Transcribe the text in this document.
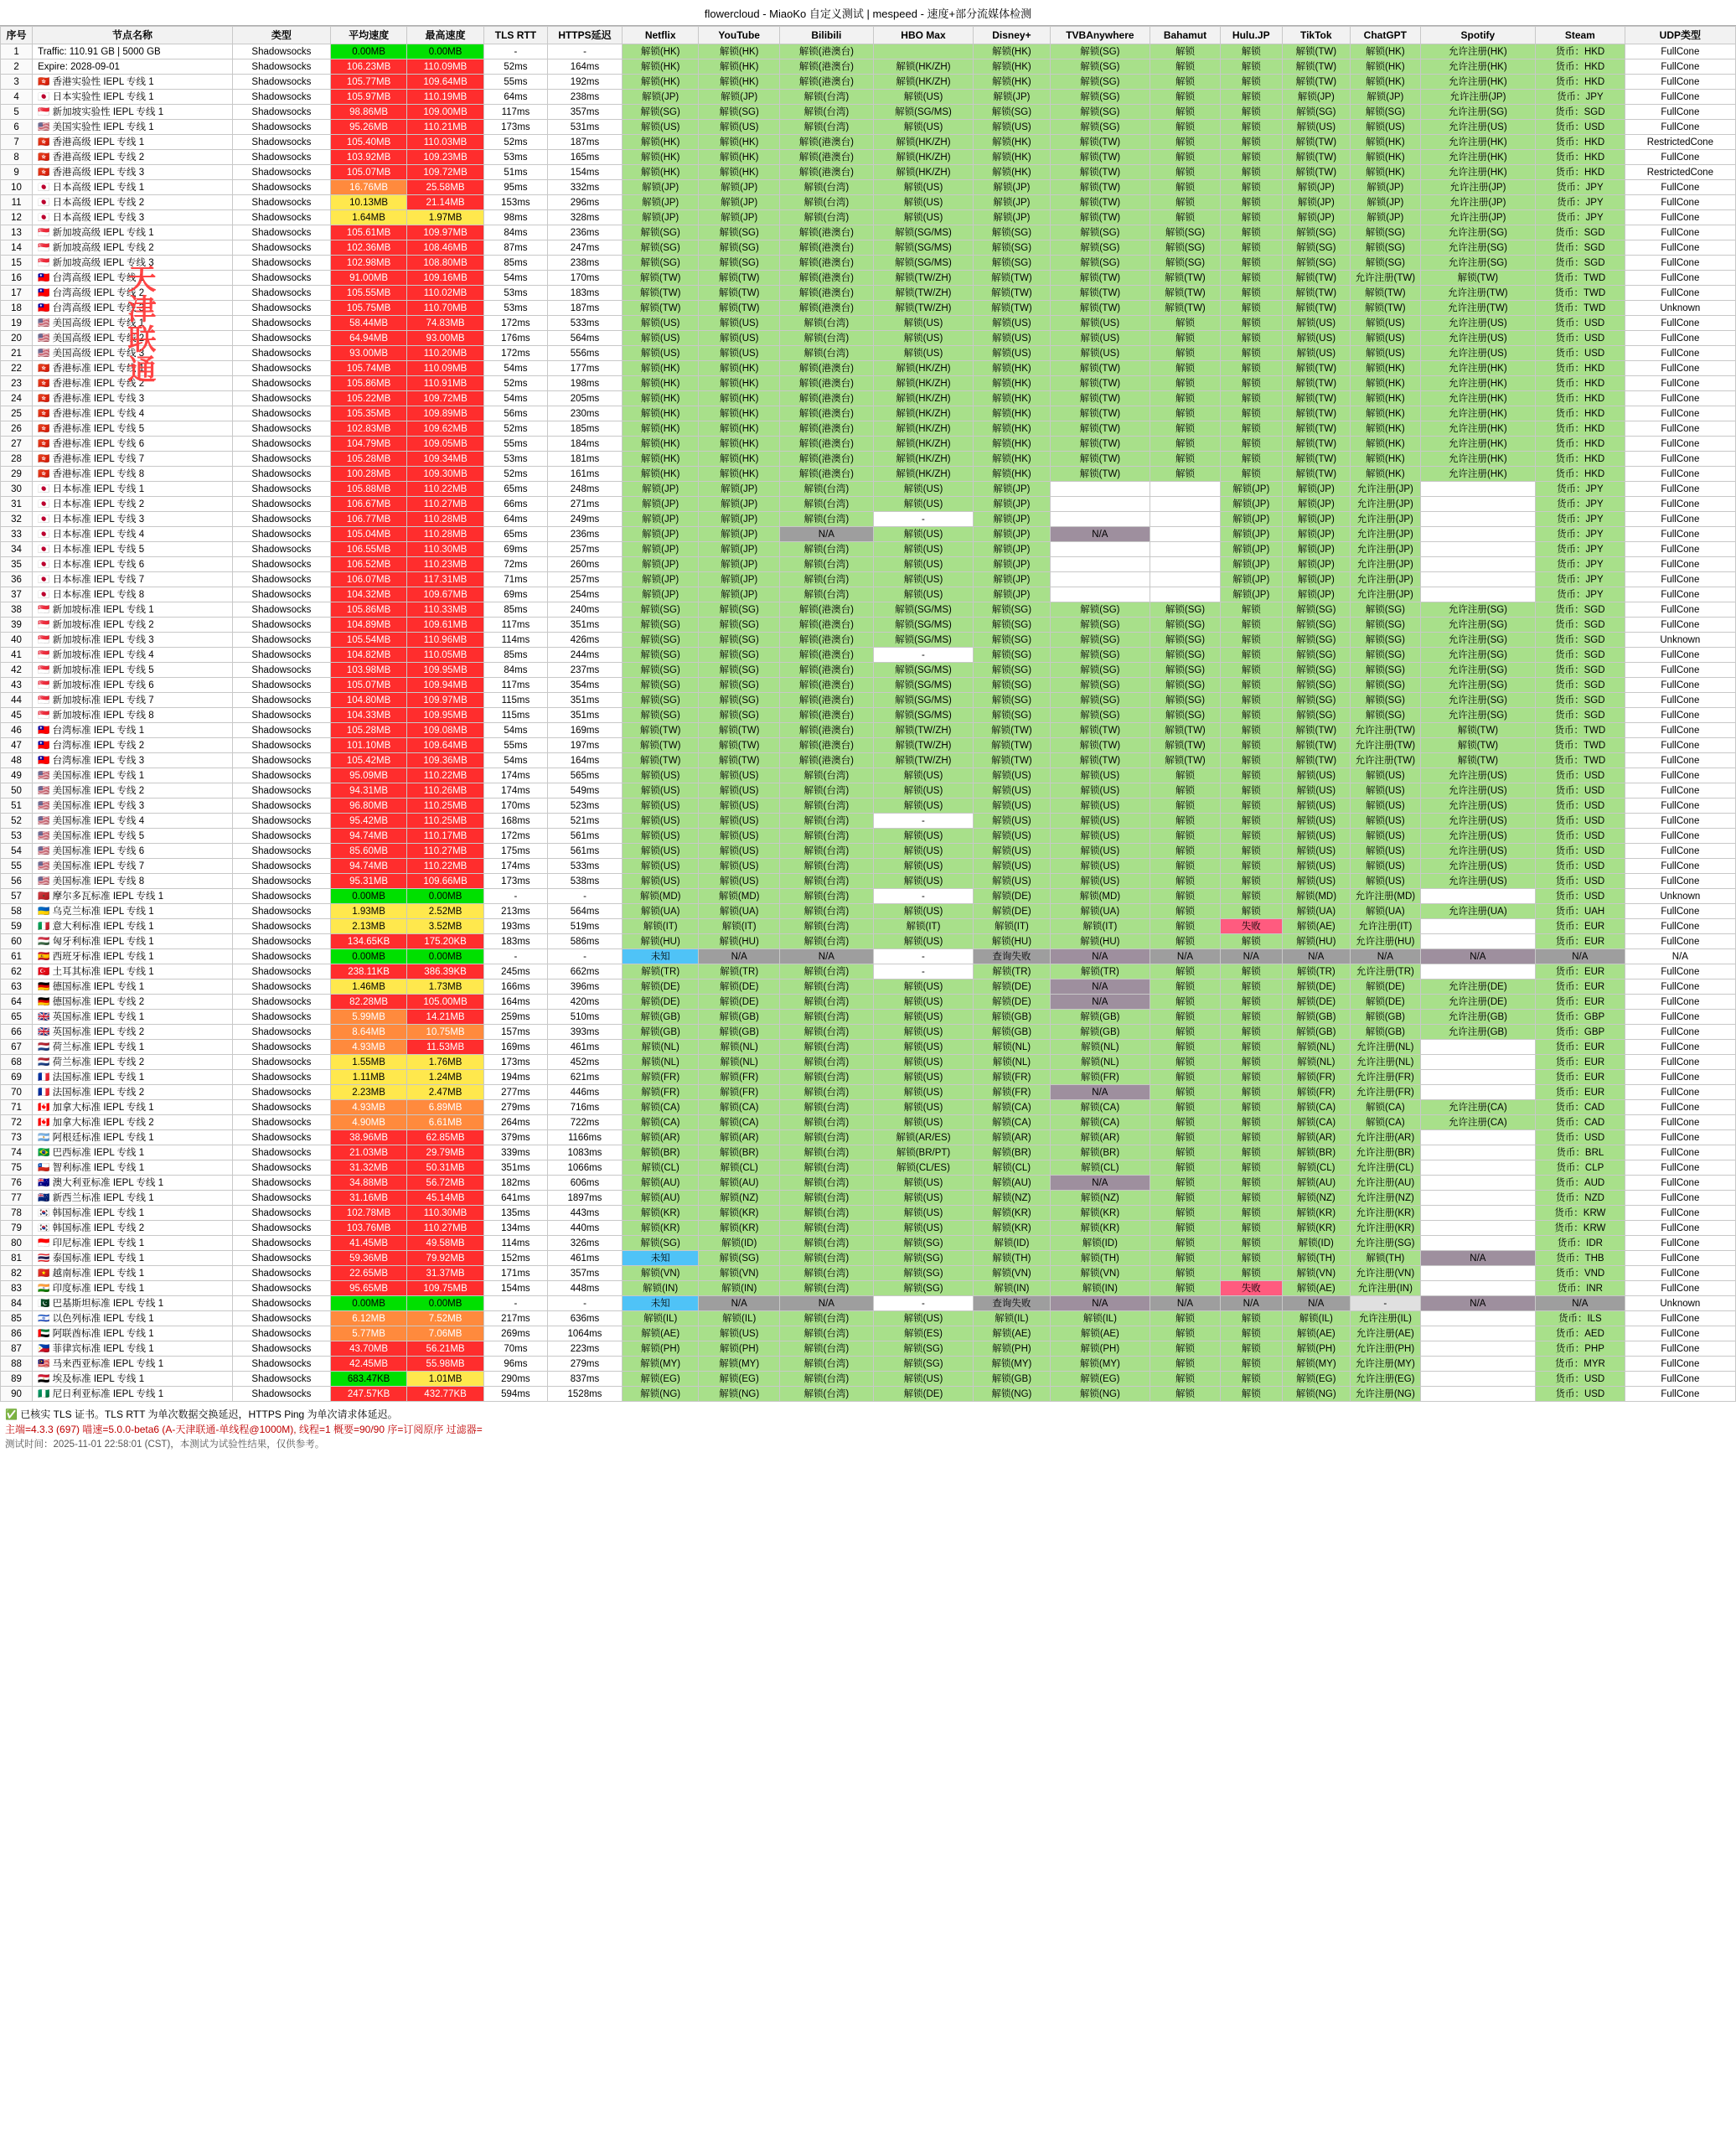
flowercloud - MiaoKo 自定义测试 | mespeed - 速度+部分流媒体检测
天津联通
序号	节点名称	类型	平均速度	最高速度	TLS RTT	HTTPS延迟	Netflix	YouTube	Bilibili	HBO Max	Disney+	TVBAnywhere	Bahamut	Hulu.JP	TikTok	ChatGPT	Spotify	Steam	UDP类型
1	Traffic: 110.91 GB | 5000 GB	Shadowsocks	0.00MB	0.00MB	-	-	解锁(HK)	解锁(HK)	解锁(港澳台)		解锁(HK)	解锁(SG)	解锁	解锁	解锁(TW)	解锁(HK)	允许注册(HK)	货币：HKD	FullCone
2	Expire: 2028-09-01	Shadowsocks	106.23MB	110.09MB	52ms	164ms	解锁(HK)	解锁(HK)	解锁(港澳台)	解锁(HK/ZH)	解锁(HK)	解锁(SG)	解锁	解锁	解锁(TW)	解锁(HK)	允许注册(HK)	货币：HKD	FullCone
3	🇭🇰 香港实验性 IEPL 专线 1	Shadowsocks	105.77MB	109.64MB	55ms	192ms	解锁(HK)	解锁(HK)	解锁(港澳台)	解锁(HK/ZH)	解锁(HK)	解锁(SG)	解锁	解锁	解锁(TW)	解锁(HK)	允许注册(HK)	货币：HKD	FullCone
4	🇯🇵 日本实验性 IEPL 专线 1	Shadowsocks	105.97MB	110.19MB	64ms	238ms	解锁(JP)	解锁(JP)	解锁(台湾)	解锁(US)	解锁(JP)	解锁(SG)	解锁	解锁	解锁(JP)	解锁(JP)	允许注册(JP)	货币：JPY	FullCone
5	🇸🇬 新加坡实验性 IEPL 专线 1	Shadowsocks	98.86MB	109.00MB	117ms	357ms	解锁(SG)	解锁(SG)	解锁(台湾)	解锁(SG/MS)	解锁(SG)	解锁(SG)	解锁	解锁	解锁(SG)	解锁(SG)	允许注册(SG)	货币：SGD	FullCone
6	🇺🇸 美国实验性 IEPL 专线 1	Shadowsocks	95.26MB	110.21MB	173ms	531ms	解锁(US)	解锁(US)	解锁(台湾)	解锁(US)	解锁(US)	解锁(SG)	解锁	解锁	解锁(US)	解锁(US)	允许注册(US)	货币：USD	FullCone
7	🇭🇰 香港高级 IEPL 专线 1	Shadowsocks	105.40MB	110.03MB	52ms	187ms	解锁(HK)	解锁(HK)	解锁(港澳台)	解锁(HK/ZH)	解锁(HK)	解锁(TW)	解锁	解锁	解锁(TW)	解锁(HK)	允许注册(HK)	货币：HKD	RestrictedCone
8	🇭🇰 香港高级 IEPL 专线 2	Shadowsocks	103.92MB	109.23MB	53ms	165ms	解锁(HK)	解锁(HK)	解锁(港澳台)	解锁(HK/ZH)	解锁(HK)	解锁(TW)	解锁	解锁	解锁(TW)	解锁(HK)	允许注册(HK)	货币：HKD	FullCone
9	🇭🇰 香港高级 IEPL 专线 3	Shadowsocks	105.07MB	109.72MB	51ms	154ms	解锁(HK)	解锁(HK)	解锁(港澳台)	解锁(HK/ZH)	解锁(HK)	解锁(TW)	解锁	解锁	解锁(TW)	解锁(HK)	允许注册(HK)	货币：HKD	RestrictedCone
10	🇯🇵 日本高级 IEPL 专线 1	Shadowsocks	16.76MB	25.58MB	95ms	332ms	解锁(JP)	解锁(JP)	解锁(台湾)	解锁(US)	解锁(JP)	解锁(TW)	解锁	解锁	解锁(JP)	解锁(JP)	允许注册(JP)	货币：JPY	FullCone
11	🇯🇵 日本高级 IEPL 专线 2	Shadowsocks	10.13MB	21.14MB	153ms	296ms	解锁(JP)	解锁(JP)	解锁(台湾)	解锁(US)	解锁(JP)	解锁(TW)	解锁	解锁	解锁(JP)	解锁(JP)	允许注册(JP)	货币：JPY	FullCone
12	🇯🇵 日本高级 IEPL 专线 3	Shadowsocks	1.64MB	1.97MB	98ms	328ms	解锁(JP)	解锁(JP)	解锁(台湾)	解锁(US)	解锁(JP)	解锁(TW)	解锁	解锁	解锁(JP)	解锁(JP)	允许注册(JP)	货币：JPY	FullCone
13	🇸🇬 新加坡高级 IEPL 专线 1	Shadowsocks	105.61MB	109.97MB	84ms	236ms	解锁(SG)	解锁(SG)	解锁(港澳台)	解锁(SG/MS)	解锁(SG)	解锁(SG)	解锁(SG)	解锁	解锁(SG)	解锁(SG)	允许注册(SG)	货币：SGD	FullCone
14	🇸🇬 新加坡高级 IEPL 专线 2	Shadowsocks	102.36MB	108.46MB	87ms	247ms	解锁(SG)	解锁(SG)	解锁(港澳台)	解锁(SG/MS)	解锁(SG)	解锁(SG)	解锁(SG)	解锁	解锁(SG)	解锁(SG)	允许注册(SG)	货币：SGD	FullCone
15	🇸🇬 新加坡高级 IEPL 专线 3	Shadowsocks	102.98MB	108.80MB	85ms	238ms	解锁(SG)	解锁(SG)	解锁(港澳台)	解锁(SG/MS)	解锁(SG)	解锁(SG)	解锁(SG)	解锁	解锁(SG)	解锁(SG)	允许注册(SG)	货币：SGD	FullCone
16	🇹🇼 台湾高级 IEPL 专线 1	Shadowsocks	91.00MB	109.16MB	54ms	170ms	解锁(TW)	解锁(TW)	解锁(港澳台)	解锁(TW/ZH)	解锁(TW)	解锁(TW)	解锁(TW)	解锁	解锁(TW)	允许注册(TW)	解锁(TW)	货币：TWD	FullCone
17	🇹🇼 台湾高级 IEPL 专线 2	Shadowsocks	105.55MB	110.02MB	53ms	183ms	解锁(TW)	解锁(TW)	解锁(港澳台)	解锁(TW/ZH)	解锁(TW)	解锁(TW)	解锁(TW)	解锁	解锁(TW)	解锁(TW)	允许注册(TW)	货币：TWD	FullCone
18	🇹🇼 台湾高级 IEPL 专线 3	Shadowsocks	105.75MB	110.70MB	53ms	187ms	解锁(TW)	解锁(TW)	解锁(港澳台)	解锁(TW/ZH)	解锁(TW)	解锁(TW)	解锁(TW)	解锁	解锁(TW)	解锁(TW)	允许注册(TW)	货币：TWD	Unknown
19	🇺🇸 美国高级 IEPL 专线 1	Shadowsocks	58.44MB	74.83MB	172ms	533ms	解锁(US)	解锁(US)	解锁(台湾)	解锁(US)	解锁(US)	解锁(US)	解锁	解锁	解锁(US)	解锁(US)	允许注册(US)	货币：USD	FullCone
20	🇺🇸 美国高级 IEPL 专线 2	Shadowsocks	64.94MB	93.00MB	176ms	564ms	解锁(US)	解锁(US)	解锁(台湾)	解锁(US)	解锁(US)	解锁(US)	解锁	解锁	解锁(US)	解锁(US)	允许注册(US)	货币：USD	FullCone
21	🇺🇸 美国高级 IEPL 专线 3	Shadowsocks	93.00MB	110.20MB	172ms	556ms	解锁(US)	解锁(US)	解锁(台湾)	解锁(US)	解锁(US)	解锁(US)	解锁	解锁	解锁(US)	解锁(US)	允许注册(US)	货币：USD	FullCone
22	🇭🇰 香港标准 IEPL 专线 1	Shadowsocks	105.74MB	110.09MB	54ms	177ms	解锁(HK)	解锁(HK)	解锁(港澳台)	解锁(HK/ZH)	解锁(HK)	解锁(TW)	解锁	解锁	解锁(TW)	解锁(HK)	允许注册(HK)	货币：HKD	FullCone
23	🇭🇰 香港标准 IEPL 专线 2	Shadowsocks	105.86MB	110.91MB	52ms	198ms	解锁(HK)	解锁(HK)	解锁(港澳台)	解锁(HK/ZH)	解锁(HK)	解锁(TW)	解锁	解锁	解锁(TW)	解锁(HK)	允许注册(HK)	货币：HKD	FullCone
24	🇭🇰 香港标准 IEPL 专线 3	Shadowsocks	105.22MB	109.72MB	54ms	205ms	解锁(HK)	解锁(HK)	解锁(港澳台)	解锁(HK/ZH)	解锁(HK)	解锁(TW)	解锁	解锁	解锁(TW)	解锁(HK)	允许注册(HK)	货币：HKD	FullCone
25	🇭🇰 香港标准 IEPL 专线 4	Shadowsocks	105.35MB	109.89MB	56ms	230ms	解锁(HK)	解锁(HK)	解锁(港澳台)	解锁(HK/ZH)	解锁(HK)	解锁(TW)	解锁	解锁	解锁(TW)	解锁(HK)	允许注册(HK)	货币：HKD	FullCone
26	🇭🇰 香港标准 IEPL 专线 5	Shadowsocks	102.83MB	109.62MB	52ms	185ms	解锁(HK)	解锁(HK)	解锁(港澳台)	解锁(HK/ZH)	解锁(HK)	解锁(TW)	解锁	解锁	解锁(TW)	解锁(HK)	允许注册(HK)	货币：HKD	FullCone
27	🇭🇰 香港标准 IEPL 专线 6	Shadowsocks	104.79MB	109.05MB	55ms	184ms	解锁(HK)	解锁(HK)	解锁(港澳台)	解锁(HK/ZH)	解锁(HK)	解锁(TW)	解锁	解锁	解锁(TW)	解锁(HK)	允许注册(HK)	货币：HKD	FullCone
28	🇭🇰 香港标准 IEPL 专线 7	Shadowsocks	105.28MB	109.34MB	53ms	181ms	解锁(HK)	解锁(HK)	解锁(港澳台)	解锁(HK/ZH)	解锁(HK)	解锁(TW)	解锁	解锁	解锁(TW)	解锁(HK)	允许注册(HK)	货币：HKD	FullCone
29	🇭🇰 香港标准 IEPL 专线 8	Shadowsocks	100.28MB	109.30MB	52ms	161ms	解锁(HK)	解锁(HK)	解锁(港澳台)	解锁(HK/ZH)	解锁(HK)	解锁(TW)	解锁	解锁	解锁(TW)	解锁(HK)	允许注册(HK)	货币：HKD	FullCone
30	🇯🇵 日本标准 IEPL 专线 1	Shadowsocks	105.88MB	110.22MB	65ms	248ms	解锁(JP)	解锁(JP)	解锁(台湾)	解锁(US)	解锁(JP)			解锁(JP)	解锁(JP)	允许注册(JP)		货币：JPY	FullCone
31	🇯🇵 日本标准 IEPL 专线 2	Shadowsocks	106.67MB	110.27MB	66ms	271ms	解锁(JP)	解锁(JP)	解锁(台湾)	解锁(US)	解锁(JP)			解锁(JP)	解锁(JP)	允许注册(JP)		货币：JPY	FullCone
32	🇯🇵 日本标准 IEPL 专线 3	Shadowsocks	106.77MB	110.28MB	64ms	249ms	解锁(JP)	解锁(JP)	解锁(台湾)	-	解锁(JP)			解锁(JP)	解锁(JP)	允许注册(JP)		货币：JPY	FullCone
33	🇯🇵 日本标准 IEPL 专线 4	Shadowsocks	105.04MB	110.28MB	65ms	236ms	解锁(JP)	解锁(JP)	N/A	解锁(US)	解锁(JP)	N/A		解锁(JP)	解锁(JP)	允许注册(JP)		货币：JPY	FullCone
34	🇯🇵 日本标准 IEPL 专线 5	Shadowsocks	106.55MB	110.30MB	69ms	257ms	解锁(JP)	解锁(JP)	解锁(台湾)	解锁(US)	解锁(JP)			解锁(JP)	解锁(JP)	允许注册(JP)		货币：JPY	FullCone
35	🇯🇵 日本标准 IEPL 专线 6	Shadowsocks	106.52MB	110.23MB	72ms	260ms	解锁(JP)	解锁(JP)	解锁(台湾)	解锁(US)	解锁(JP)			解锁(JP)	解锁(JP)	允许注册(JP)		货币：JPY	FullCone
36	🇯🇵 日本标准 IEPL 专线 7	Shadowsocks	106.07MB	117.31MB	71ms	257ms	解锁(JP)	解锁(JP)	解锁(台湾)	解锁(US)	解锁(JP)			解锁(JP)	解锁(JP)	允许注册(JP)		货币：JPY	FullCone
37	🇯🇵 日本标准 IEPL 专线 8	Shadowsocks	104.32MB	109.67MB	69ms	254ms	解锁(JP)	解锁(JP)	解锁(台湾)	解锁(US)	解锁(JP)			解锁(JP)	解锁(JP)	允许注册(JP)		货币：JPY	FullCone
38	🇸🇬 新加坡标准 IEPL 专线 1	Shadowsocks	105.86MB	110.33MB	85ms	240ms	解锁(SG)	解锁(SG)	解锁(港澳台)	解锁(SG/MS)	解锁(SG)	解锁(SG)	解锁(SG)	解锁	解锁(SG)	解锁(SG)	允许注册(SG)	货币：SGD	FullCone
39	🇸🇬 新加坡标准 IEPL 专线 2	Shadowsocks	104.89MB	109.61MB	117ms	351ms	解锁(SG)	解锁(SG)	解锁(港澳台)	解锁(SG/MS)	解锁(SG)	解锁(SG)	解锁(SG)	解锁	解锁(SG)	解锁(SG)	允许注册(SG)	货币：SGD	FullCone
40	🇸🇬 新加坡标准 IEPL 专线 3	Shadowsocks	105.54MB	110.96MB	114ms	426ms	解锁(SG)	解锁(SG)	解锁(港澳台)	解锁(SG/MS)	解锁(SG)	解锁(SG)	解锁(SG)	解锁	解锁(SG)	解锁(SG)	允许注册(SG)	货币：SGD	Unknown
41	🇸🇬 新加坡标准 IEPL 专线 4	Shadowsocks	104.82MB	110.05MB	85ms	244ms	解锁(SG)	解锁(SG)	解锁(港澳台)	-	解锁(SG)	解锁(SG)	解锁(SG)	解锁	解锁(SG)	解锁(SG)	允许注册(SG)	货币：SGD	FullCone
42	🇸🇬 新加坡标准 IEPL 专线 5	Shadowsocks	103.98MB	109.95MB	84ms	237ms	解锁(SG)	解锁(SG)	解锁(港澳台)	解锁(SG/MS)	解锁(SG)	解锁(SG)	解锁(SG)	解锁	解锁(SG)	解锁(SG)	允许注册(SG)	货币：SGD	FullCone
43	🇸🇬 新加坡标准 IEPL 专线 6	Shadowsocks	105.07MB	109.94MB	117ms	354ms	解锁(SG)	解锁(SG)	解锁(港澳台)	解锁(SG/MS)	解锁(SG)	解锁(SG)	解锁(SG)	解锁	解锁(SG)	解锁(SG)	允许注册(SG)	货币：SGD	FullCone
44	🇸🇬 新加坡标准 IEPL 专线 7	Shadowsocks	104.80MB	109.97MB	115ms	351ms	解锁(SG)	解锁(SG)	解锁(港澳台)	解锁(SG/MS)	解锁(SG)	解锁(SG)	解锁(SG)	解锁	解锁(SG)	解锁(SG)	允许注册(SG)	货币：SGD	FullCone
45	🇸🇬 新加坡标准 IEPL 专线 8	Shadowsocks	104.33MB	109.95MB	115ms	351ms	解锁(SG)	解锁(SG)	解锁(港澳台)	解锁(SG/MS)	解锁(SG)	解锁(SG)	解锁(SG)	解锁	解锁(SG)	解锁(SG)	允许注册(SG)	货币：SGD	FullCone
46	🇹🇼 台湾标准 IEPL 专线 1	Shadowsocks	105.28MB	109.08MB	54ms	169ms	解锁(TW)	解锁(TW)	解锁(港澳台)	解锁(TW/ZH)	解锁(TW)	解锁(TW)	解锁(TW)	解锁	解锁(TW)	允许注册(TW)	解锁(TW)	货币：TWD	FullCone
47	🇹🇼 台湾标准 IEPL 专线 2	Shadowsocks	101.10MB	109.64MB	55ms	197ms	解锁(TW)	解锁(TW)	解锁(港澳台)	解锁(TW/ZH)	解锁(TW)	解锁(TW)	解锁(TW)	解锁	解锁(TW)	允许注册(TW)	解锁(TW)	货币：TWD	FullCone
48	🇹🇼 台湾标准 IEPL 专线 3	Shadowsocks	105.42MB	109.36MB	54ms	164ms	解锁(TW)	解锁(TW)	解锁(港澳台)	解锁(TW/ZH)	解锁(TW)	解锁(TW)	解锁(TW)	解锁	解锁(TW)	允许注册(TW)	解锁(TW)	货币：TWD	FullCone
49	🇺🇸 美国标准 IEPL 专线 1	Shadowsocks	95.09MB	110.22MB	174ms	565ms	解锁(US)	解锁(US)	解锁(台湾)	解锁(US)	解锁(US)	解锁(US)	解锁	解锁	解锁(US)	解锁(US)	允许注册(US)	货币：USD	FullCone
50	🇺🇸 美国标准 IEPL 专线 2	Shadowsocks	94.31MB	110.26MB	174ms	549ms	解锁(US)	解锁(US)	解锁(台湾)	解锁(US)	解锁(US)	解锁(US)	解锁	解锁	解锁(US)	解锁(US)	允许注册(US)	货币：USD	FullCone
51	🇺🇸 美国标准 IEPL 专线 3	Shadowsocks	96.80MB	110.25MB	170ms	523ms	解锁(US)	解锁(US)	解锁(台湾)	解锁(US)	解锁(US)	解锁(US)	解锁	解锁	解锁(US)	解锁(US)	允许注册(US)	货币：USD	FullCone
52	🇺🇸 美国标准 IEPL 专线 4	Shadowsocks	95.42MB	110.25MB	168ms	521ms	解锁(US)	解锁(US)	解锁(台湾)	-	解锁(US)	解锁(US)	解锁	解锁	解锁(US)	解锁(US)	允许注册(US)	货币：USD	FullCone
53	🇺🇸 美国标准 IEPL 专线 5	Shadowsocks	94.74MB	110.17MB	172ms	561ms	解锁(US)	解锁(US)	解锁(台湾)	解锁(US)	解锁(US)	解锁(US)	解锁	解锁	解锁(US)	解锁(US)	允许注册(US)	货币：USD	FullCone
54	🇺🇸 美国标准 IEPL 专线 6	Shadowsocks	85.60MB	110.27MB	175ms	561ms	解锁(US)	解锁(US)	解锁(台湾)	解锁(US)	解锁(US)	解锁(US)	解锁	解锁	解锁(US)	解锁(US)	允许注册(US)	货币：USD	FullCone
55	🇺🇸 美国标准 IEPL 专线 7	Shadowsocks	94.74MB	110.22MB	174ms	533ms	解锁(US)	解锁(US)	解锁(台湾)	解锁(US)	解锁(US)	解锁(US)	解锁	解锁	解锁(US)	解锁(US)	允许注册(US)	货币：USD	FullCone
56	🇺🇸 美国标准 IEPL 专线 8	Shadowsocks	95.31MB	109.66MB	173ms	538ms	解锁(US)	解锁(US)	解锁(台湾)	解锁(US)	解锁(US)	解锁(US)	解锁	解锁	解锁(US)	解锁(US)	允许注册(US)	货币：USD	FullCone
57	🇲🇦 摩尔多瓦标准 IEPL 专线 1	Shadowsocks	0.00MB	0.00MB	-	-	解锁(MD)	解锁(MD)	解锁(台湾)	-	解锁(DE)	解锁(MD)	解锁	解锁	解锁(MD)	允许注册(MD)		货币：USD	Unknown
58	🇺🇦 乌克兰标准 IEPL 专线 1	Shadowsocks	1.93MB	2.52MB	213ms	564ms	解锁(UA)	解锁(UA)	解锁(台湾)	解锁(US)	解锁(DE)	解锁(UA)	解锁	解锁	解锁(UA)	解锁(UA)	允许注册(UA)	货币：UAH	FullCone
59	🇮🇹 意大利标准 IEPL 专线 1	Shadowsocks	2.13MB	3.52MB	193ms	519ms	解锁(IT)	解锁(IT)	解锁(台湾)	解锁(IT)	解锁(IT)	解锁(IT)	解锁	失败	解锁(AE)	允许注册(IT)		货币：EUR	FullCone
60	🇭🇺 匈牙利标准 IEPL 专线 1	Shadowsocks	134.65KB	175.20KB	183ms	586ms	解锁(HU)	解锁(HU)	解锁(台湾)	解锁(US)	解锁(HU)	解锁(HU)	解锁	解锁	解锁(HU)	允许注册(HU)		货币：EUR	FullCone
61	🇪🇸 西班牙标准 IEPL 专线 1	Shadowsocks	0.00MB	0.00MB	-	-	未知	N/A	N/A	-	查询失败	N/A	N/A	N/A	N/A	N/A	N/A	N/A	N/A
62	🇹🇷 土耳其标准 IEPL 专线 1	Shadowsocks	238.11KB	386.39KB	245ms	662ms	解锁(TR)	解锁(TR)	解锁(台湾)	-	解锁(TR)	解锁(TR)	解锁	解锁	解锁(TR)	允许注册(TR)		货币：EUR	FullCone
63	🇩🇪 德国标准 IEPL 专线 1	Shadowsocks	1.46MB	1.73MB	166ms	396ms	解锁(DE)	解锁(DE)	解锁(台湾)	解锁(US)	解锁(DE)	N/A	解锁	解锁	解锁(DE)	解锁(DE)	允许注册(DE)	货币：EUR	FullCone
64	🇩🇪 德国标准 IEPL 专线 2	Shadowsocks	82.28MB	105.00MB	164ms	420ms	解锁(DE)	解锁(DE)	解锁(台湾)	解锁(US)	解锁(DE)	N/A	解锁	解锁	解锁(DE)	解锁(DE)	允许注册(DE)	货币：EUR	FullCone
65	🇬🇧 英国标准 IEPL 专线 1	Shadowsocks	5.99MB	14.21MB	259ms	510ms	解锁(GB)	解锁(GB)	解锁(台湾)	解锁(US)	解锁(GB)	解锁(GB)	解锁	解锁	解锁(GB)	解锁(GB)	允许注册(GB)	货币：GBP	FullCone
66	🇬🇧 英国标准 IEPL 专线 2	Shadowsocks	8.64MB	10.75MB	157ms	393ms	解锁(GB)	解锁(GB)	解锁(台湾)	解锁(US)	解锁(GB)	解锁(GB)	解锁	解锁	解锁(GB)	解锁(GB)	允许注册(GB)	货币：GBP	FullCone
67	🇳🇱 荷兰标准 IEPL 专线 1	Shadowsocks	4.93MB	11.53MB	169ms	461ms	解锁(NL)	解锁(NL)	解锁(台湾)	解锁(US)	解锁(NL)	解锁(NL)	解锁	解锁	解锁(NL)	允许注册(NL)		货币：EUR	FullCone
68	🇳🇱 荷兰标准 IEPL 专线 2	Shadowsocks	1.55MB	1.76MB	173ms	452ms	解锁(NL)	解锁(NL)	解锁(台湾)	解锁(US)	解锁(NL)	解锁(NL)	解锁	解锁	解锁(NL)	允许注册(NL)		货币：EUR	FullCone
69	🇫🇷 法国标准 IEPL 专线 1	Shadowsocks	1.11MB	1.24MB	194ms	621ms	解锁(FR)	解锁(FR)	解锁(台湾)	解锁(US)	解锁(FR)	解锁(FR)	解锁	解锁	解锁(FR)	允许注册(FR)		货币：EUR	FullCone
70	🇫🇷 法国标准 IEPL 专线 2	Shadowsocks	2.23MB	2.47MB	277ms	446ms	解锁(FR)	解锁(FR)	解锁(台湾)	解锁(US)	解锁(FR)	N/A	解锁	解锁	解锁(FR)	允许注册(FR)		货币：EUR	FullCone
71	🇨🇦 加拿大标准 IEPL 专线 1	Shadowsocks	4.93MB	6.89MB	279ms	716ms	解锁(CA)	解锁(CA)	解锁(台湾)	解锁(US)	解锁(CA)	解锁(CA)	解锁	解锁	解锁(CA)	解锁(CA)	允许注册(CA)	货币：CAD	FullCone
72	🇨🇦 加拿大标准 IEPL 专线 2	Shadowsocks	4.90MB	6.61MB	264ms	722ms	解锁(CA)	解锁(CA)	解锁(台湾)	解锁(US)	解锁(CA)	解锁(CA)	解锁	解锁	解锁(CA)	解锁(CA)	允许注册(CA)	货币：CAD	FullCone
73	🇦🇷 阿根廷标准 IEPL 专线 1	Shadowsocks	38.96MB	62.85MB	379ms	1166ms	解锁(AR)	解锁(AR)	解锁(台湾)	解锁(AR/ES)	解锁(AR)	解锁(AR)	解锁	解锁	解锁(AR)	允许注册(AR)		货币：USD	FullCone
74	🇧🇷 巴西标准 IEPL 专线 1	Shadowsocks	21.03MB	29.79MB	339ms	1083ms	解锁(BR)	解锁(BR)	解锁(台湾)	解锁(BR/PT)	解锁(BR)	解锁(BR)	解锁	解锁	解锁(BR)	允许注册(BR)		货币：BRL	FullCone
75	🇨🇱 智利标准 IEPL 专线 1	Shadowsocks	31.32MB	50.31MB	351ms	1066ms	解锁(CL)	解锁(CL)	解锁(台湾)	解锁(CL/ES)	解锁(CL)	解锁(CL)	解锁	解锁	解锁(CL)	允许注册(CL)		货币：CLP	FullCone
76	🇦🇺 澳大利亚标准 IEPL 专线 1	Shadowsocks	34.88MB	56.72MB	182ms	606ms	解锁(AU)	解锁(AU)	解锁(台湾)	解锁(US)	解锁(AU)	N/A	解锁	解锁	解锁(AU)	允许注册(AU)		货币：AUD	FullCone
77	🇳🇿 新西兰标准 IEPL 专线 1	Shadowsocks	31.16MB	45.14MB	641ms	1897ms	解锁(AU)	解锁(NZ)	解锁(台湾)	解锁(US)	解锁(NZ)	解锁(NZ)	解锁	解锁	解锁(NZ)	允许注册(NZ)		货币：NZD	FullCone
78	🇰🇷 韩国标准 IEPL 专线 1	Shadowsocks	102.78MB	110.30MB	135ms	443ms	解锁(KR)	解锁(KR)	解锁(台湾)	解锁(US)	解锁(KR)	解锁(KR)	解锁	解锁	解锁(KR)	允许注册(KR)		货币：KRW	FullCone
79	🇰🇷 韩国标准 IEPL 专线 2	Shadowsocks	103.76MB	110.27MB	134ms	440ms	解锁(KR)	解锁(KR)	解锁(台湾)	解锁(US)	解锁(KR)	解锁(KR)	解锁	解锁	解锁(KR)	允许注册(KR)		货币：KRW	FullCone
80	🇮🇩 印尼标准 IEPL 专线 1	Shadowsocks	41.45MB	49.58MB	114ms	326ms	解锁(SG)	解锁(ID)	解锁(台湾)	解锁(SG)	解锁(ID)	解锁(ID)	解锁	解锁	解锁(ID)	允许注册(SG)		货币：IDR	FullCone
81	🇹🇭 泰国标准 IEPL 专线 1	Shadowsocks	59.36MB	79.92MB	152ms	461ms	未知	解锁(SG)	解锁(台湾)	解锁(SG)	解锁(TH)	解锁(TH)	解锁	解锁	解锁(TH)	解锁(TH)	N/A	货币：THB	FullCone
82	🇻🇳 越南标准 IEPL 专线 1	Shadowsocks	22.65MB	31.37MB	171ms	357ms	解锁(VN)	解锁(VN)	解锁(台湾)	解锁(SG)	解锁(VN)	解锁(VN)	解锁	解锁	解锁(VN)	允许注册(VN)		货币：VND	FullCone
83	🇮🇳 印度标准 IEPL 专线 1	Shadowsocks	95.65MB	109.75MB	154ms	448ms	解锁(IN)	解锁(IN)	解锁(台湾)	解锁(SG)	解锁(IN)	解锁(IN)	解锁	失败	解锁(AE)	允许注册(IN)		货币：INR	FullCone
84	🇵🇰 巴基斯坦标准 IEPL 专线 1	Shadowsocks	0.00MB	0.00MB	-	-	未知	N/A	N/A	-	查询失败	N/A	N/A	N/A	N/A	-	N/A	N/A	Unknown
85	🇮🇱 以色列标准 IEPL 专线 1	Shadowsocks	6.12MB	7.52MB	217ms	636ms	解锁(IL)	解锁(IL)	解锁(台湾)	解锁(US)	解锁(IL)	解锁(IL)	解锁	解锁	解锁(IL)	允许注册(IL)		货币：ILS	FullCone
86	🇦🇪 阿联酋标准 IEPL 专线 1	Shadowsocks	5.77MB	7.06MB	269ms	1064ms	解锁(AE)	解锁(US)	解锁(台湾)	解锁(ES)	解锁(AE)	解锁(AE)	解锁	解锁	解锁(AE)	允许注册(AE)		货币：AED	FullCone
87	🇵🇭 菲律宾标准 IEPL 专线 1	Shadowsocks	43.70MB	56.21MB	70ms	223ms	解锁(PH)	解锁(PH)	解锁(台湾)	解锁(SG)	解锁(PH)	解锁(PH)	解锁	解锁	解锁(PH)	允许注册(PH)		货币：PHP	FullCone
88	🇲🇾 马来西亚标准 IEPL 专线 1	Shadowsocks	42.45MB	55.98MB	96ms	279ms	解锁(MY)	解锁(MY)	解锁(台湾)	解锁(SG)	解锁(MY)	解锁(MY)	解锁	解锁	解锁(MY)	允许注册(MY)		货币：MYR	FullCone
89	🇪🇬 埃及标准 IEPL 专线 1	Shadowsocks	683.47KB	1.01MB	290ms	837ms	解锁(EG)	解锁(EG)	解锁(台湾)	解锁(US)	解锁(GB)	解锁(EG)	解锁	解锁	解锁(EG)	允许注册(EG)		货币：USD	FullCone
90	🇳🇬 尼日利亚标准 IEPL 专线 1	Shadowsocks	247.57KB	432.77KB	594ms	1528ms	解锁(NG)	解锁(NG)	解锁(台湾)	解锁(DE)	解锁(NG)	解锁(NG)	解锁	解锁	解锁(NG)	允许注册(NG)		货币：USD	FullCone
✅ 已核实 TLS 证书。TLS RTT 为单次数据交换延迟，HTTPS Ping 为单次请求体延迟。
主端=4.3.3 (697) 喵速=5.0.0-beta6 (A-天津联通-单线程@1000M), 线程=1 概要=90/90 序=订阅原序 过滤器=
测试时间：2025-11-01 22:58:01 (CST)，本测试为试验性结果，仅供参考。
